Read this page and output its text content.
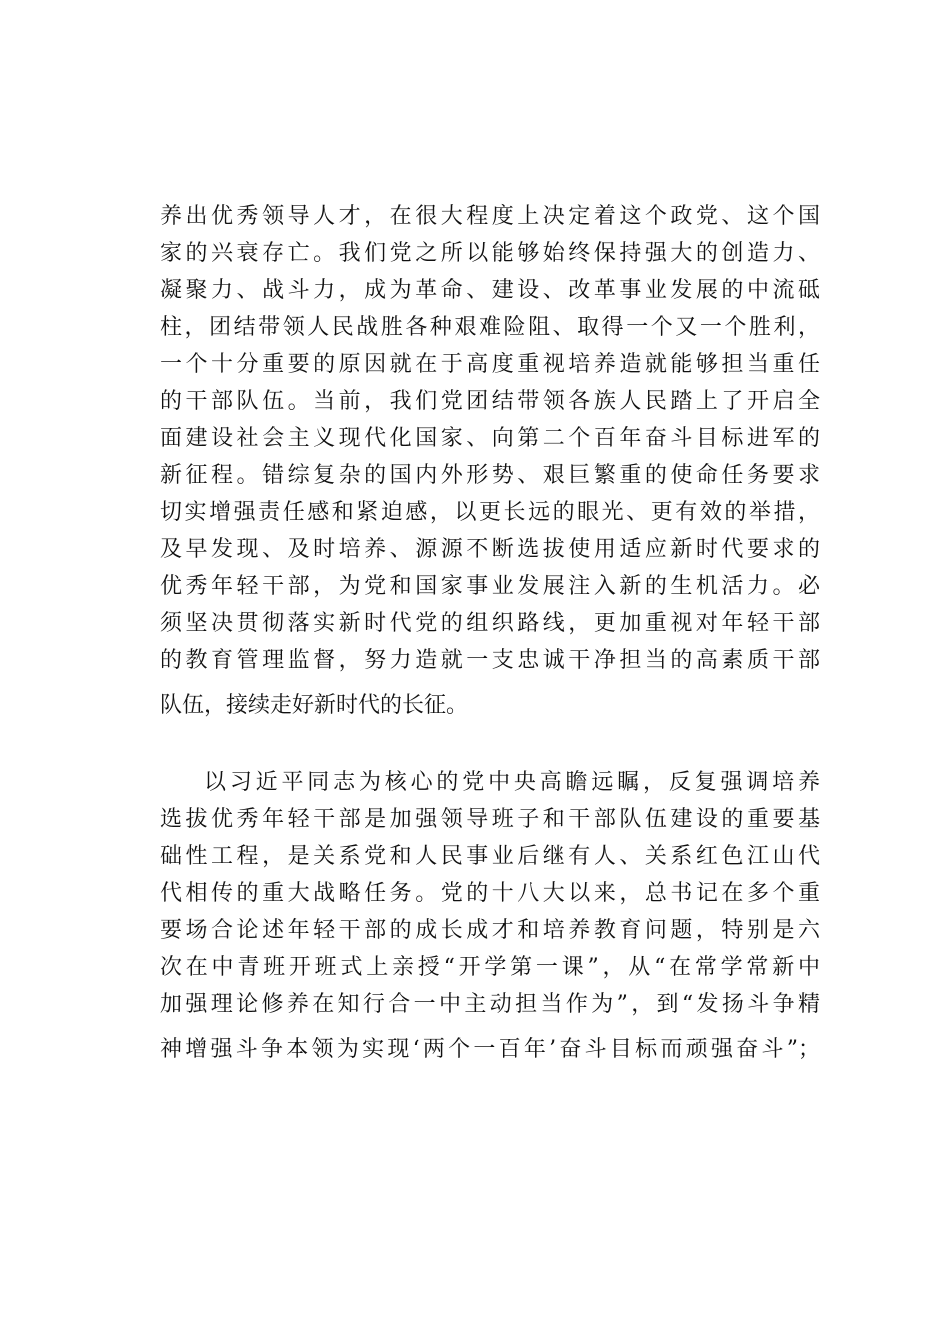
养出优秀领导人才，在很大程度上决定着这个政党、这个国
家的兴衰存亡。我们党之所以能够始终保持强大的创造力、
凝聚力、战斗力，成为革命、建设、改革事业发展的中流砥
柱，团结带领人民战胜各种艰难险阻、取得一个又一个胜利，
一个十分重要的原因就在于高度重视培养造就能够担当重任
的干部队伍。当前，我们党团结带领各族人民踏上了开启全
面建设社会主义现代化国家、向第二个百年奋斗目标进军的
新征程。错综复杂的国内外形势、艰巨繁重的使命任务要求
切实增强责任感和紧迫感，以更长远的眼光、更有效的举措，
及早发现、及时培养、源源不断选拔使用适应新时代要求的
优秀年轻干部，为党和国家事业发展注入新的生机活力。必
须坚决贯彻落实新时代党的组织路线，更加重视对年轻干部
的教育管理监督，努力造就一支忠诚干净担当的高素质干部
队伍，接续走好新时代的长征。
以习近平同志为核心的党中央高瞻远瞩，反复强调培养
选拔优秀年轻干部是加强领导班子和干部队伍建设的重要基
础性工程，是关系党和人民事业后继有人、关系红色江山代
代相传的重大战略任务。党的十八大以来，总书记在多个重
要场合论述年轻干部的成长成才和培养教育问题，特别是六
次在中青班开班式上亲授“开学第一课”，从“在常学常新中
加强理论修养在知行合一中主动担当作为”，到“发扬斗争精
神增强斗争本领为实现‘两个一百年’奋斗目标而顽强奋斗”；
